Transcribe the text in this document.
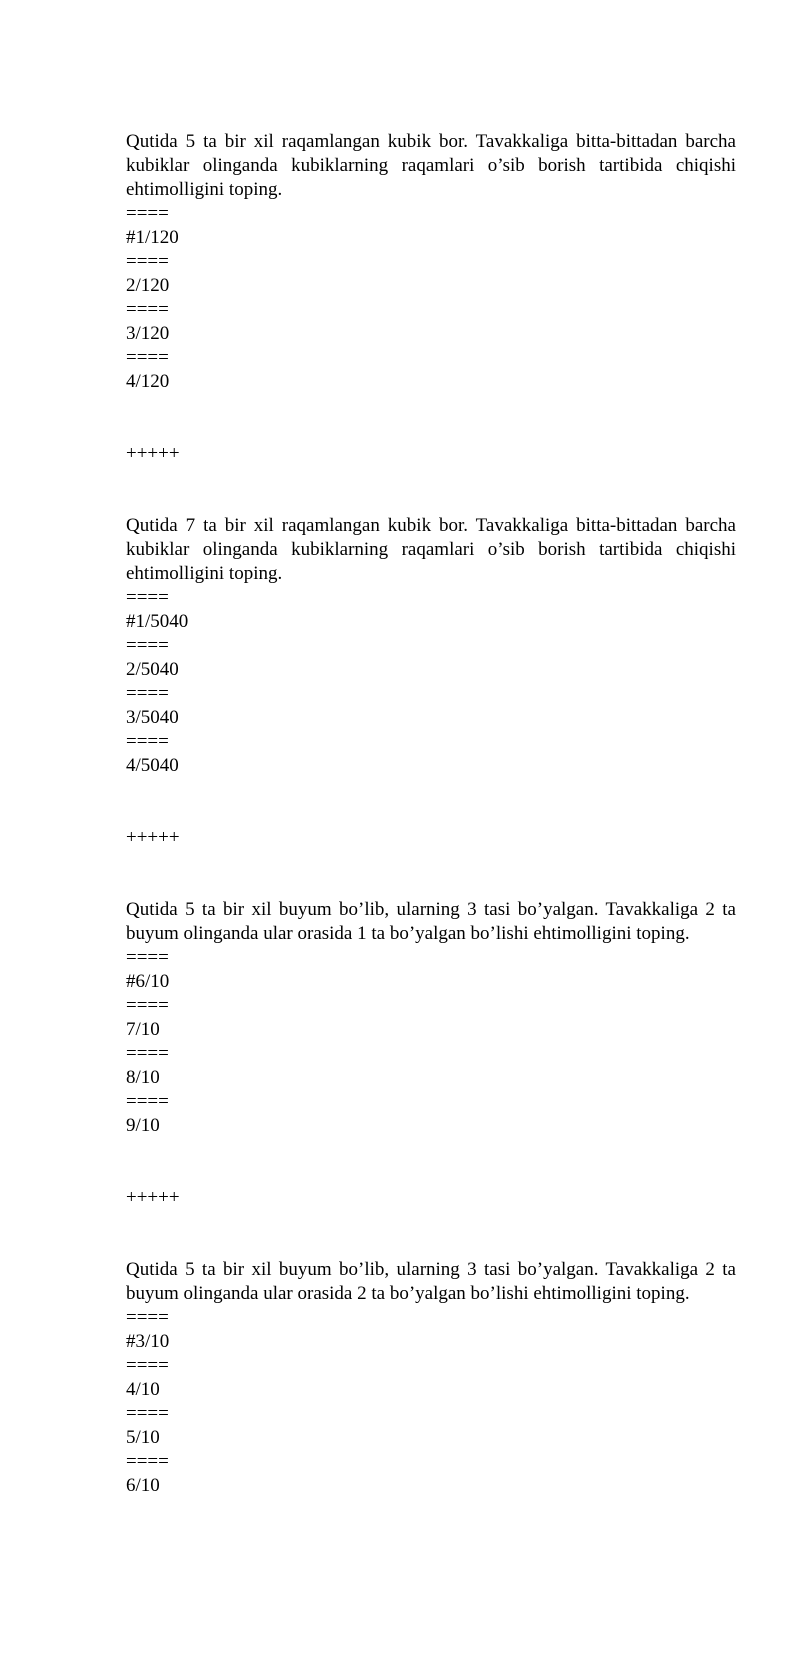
Qutida 5 ta bir xil raqamlangan kubik bor. Tavakkaliga bitta-bittadan barcha kubiklar olinganda kubiklarning raqamlari o’sib borish tartibida chiqishi ehtimolligini toping.

====
#1/120
====
2/120
====
3/120
====
4/120
+++++

Qutida 7 ta bir xil raqamlangan kubik bor. Tavakkaliga bitta-bittadan barcha kubiklar olinganda kubiklarning raqamlari o’sib borish tartibida chiqishi ehtimolligini toping.

====
#1/5040
====
2/5040
====
3/5040
====
4/5040
+++++

Qutida 5 ta bir xil buyum bo’lib, ularning 3 tasi bo’yalgan. Tavakkaliga 2 ta buyum olinganda ular orasida 1 ta bo’yalgan bo’lishi ehtimolligini toping.

====
#6/10
====
7/10
====
8/10
====
9/10
+++++

Qutida 5 ta bir xil buyum bo’lib, ularning 3 tasi bo’yalgan. Tavakkaliga 2 ta buyum olinganda ular orasida 2 ta bo’yalgan bo’lishi ehtimolligini toping.

====
#3/10
====
4/10
====
5/10
====
6/10
